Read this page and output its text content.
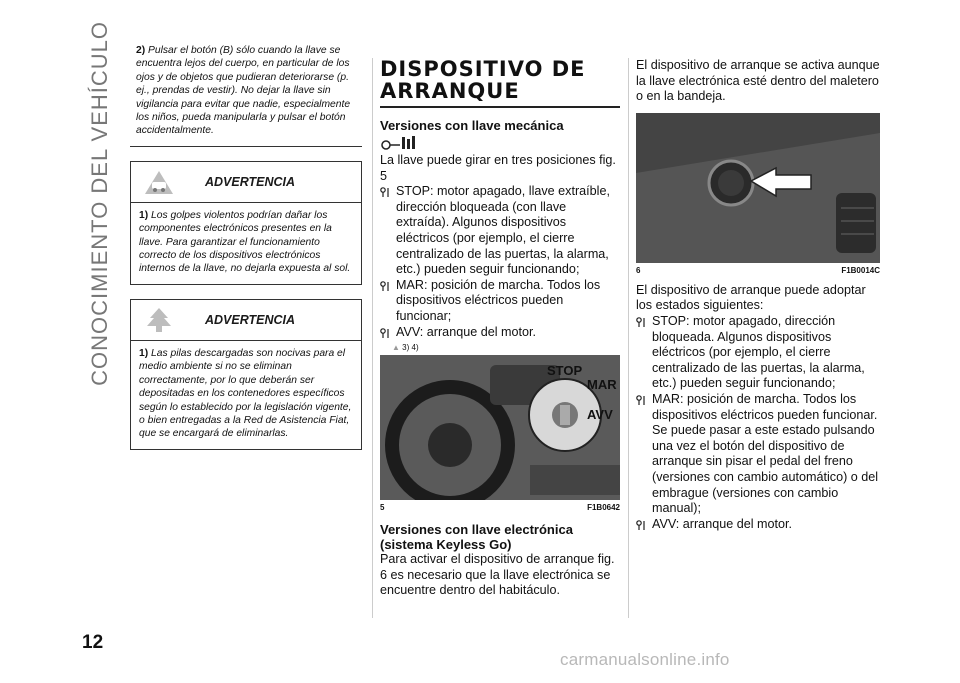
CONOCIMIENTO DEL VEHÍCULO
12
carmanualsonline.info
2) Pulsar el botón (B) sólo cuando la llave se encuentra lejos del cuerpo, en particular de los ojos y de objetos que pudieran deteriorarse (p. ej., prendas de vestir). No dejar la llave sin vigilancia para evitar que nadie, especialmente los niños, pueda manipularla y pulsar el botón accidentalmente.
ADVERTENCIA
1) Los golpes violentos podrían dañar los componentes electrónicos presentes en la llave. Para garantizar el funcionamiento correcto de los dispositivos electrónicos internos de la llave, no dejarla expuesta al sol.
ADVERTENCIA
1) Las pilas descargadas son nocivas para el medio ambiente si no se eliminan correctamente, por lo que deberán ser depositadas en los contenedores específicos según lo establecido por la legislación vigente, o bien entregadas a la Red de Asistencia Fiat, que se encargará de eliminarlas.
DISPOSITIVO DE ARRANQUE
Versiones con llave mecánica
La llave puede girar en tres posiciones fig. 5
STOP: motor apagado, llave extraíble, dirección bloqueada (con llave extraída). Algunos dispositivos eléctricos (por ejemplo, el cierre centralizado de las puertas, la alarma, etc.) pueden seguir funcionando;
MAR: posición de marcha. Todos los dispositivos eléctricos pueden funcionar;
AVV: arranque del motor.
▲ 3) 4)
STOP
MAR
AVV
5	F1B0642
Versiones con llave electrónica (sistema Keyless Go)
Para activar el dispositivo de arranque fig. 6 es necesario que la llave electrónica se encuentre dentro del habitáculo.
El dispositivo de arranque se activa aunque la llave electrónica esté dentro del maletero o en la bandeja.
6	F1B0014C
El dispositivo de arranque puede adoptar los estados siguientes:
STOP: motor apagado, dirección bloqueada. Algunos dispositivos eléctricos (por ejemplo, el cierre centralizado de las puertas, la alarma, etc.) pueden seguir funcionando;
MAR: posición de marcha. Todos los dispositivos eléctricos pueden funcionar. Se puede pasar a este estado pulsando una vez el botón del dispositivo de arranque sin pisar el pedal del freno (versiones con cambio automático) o del embrague (versiones con cambio manual);
AVV: arranque del motor.
